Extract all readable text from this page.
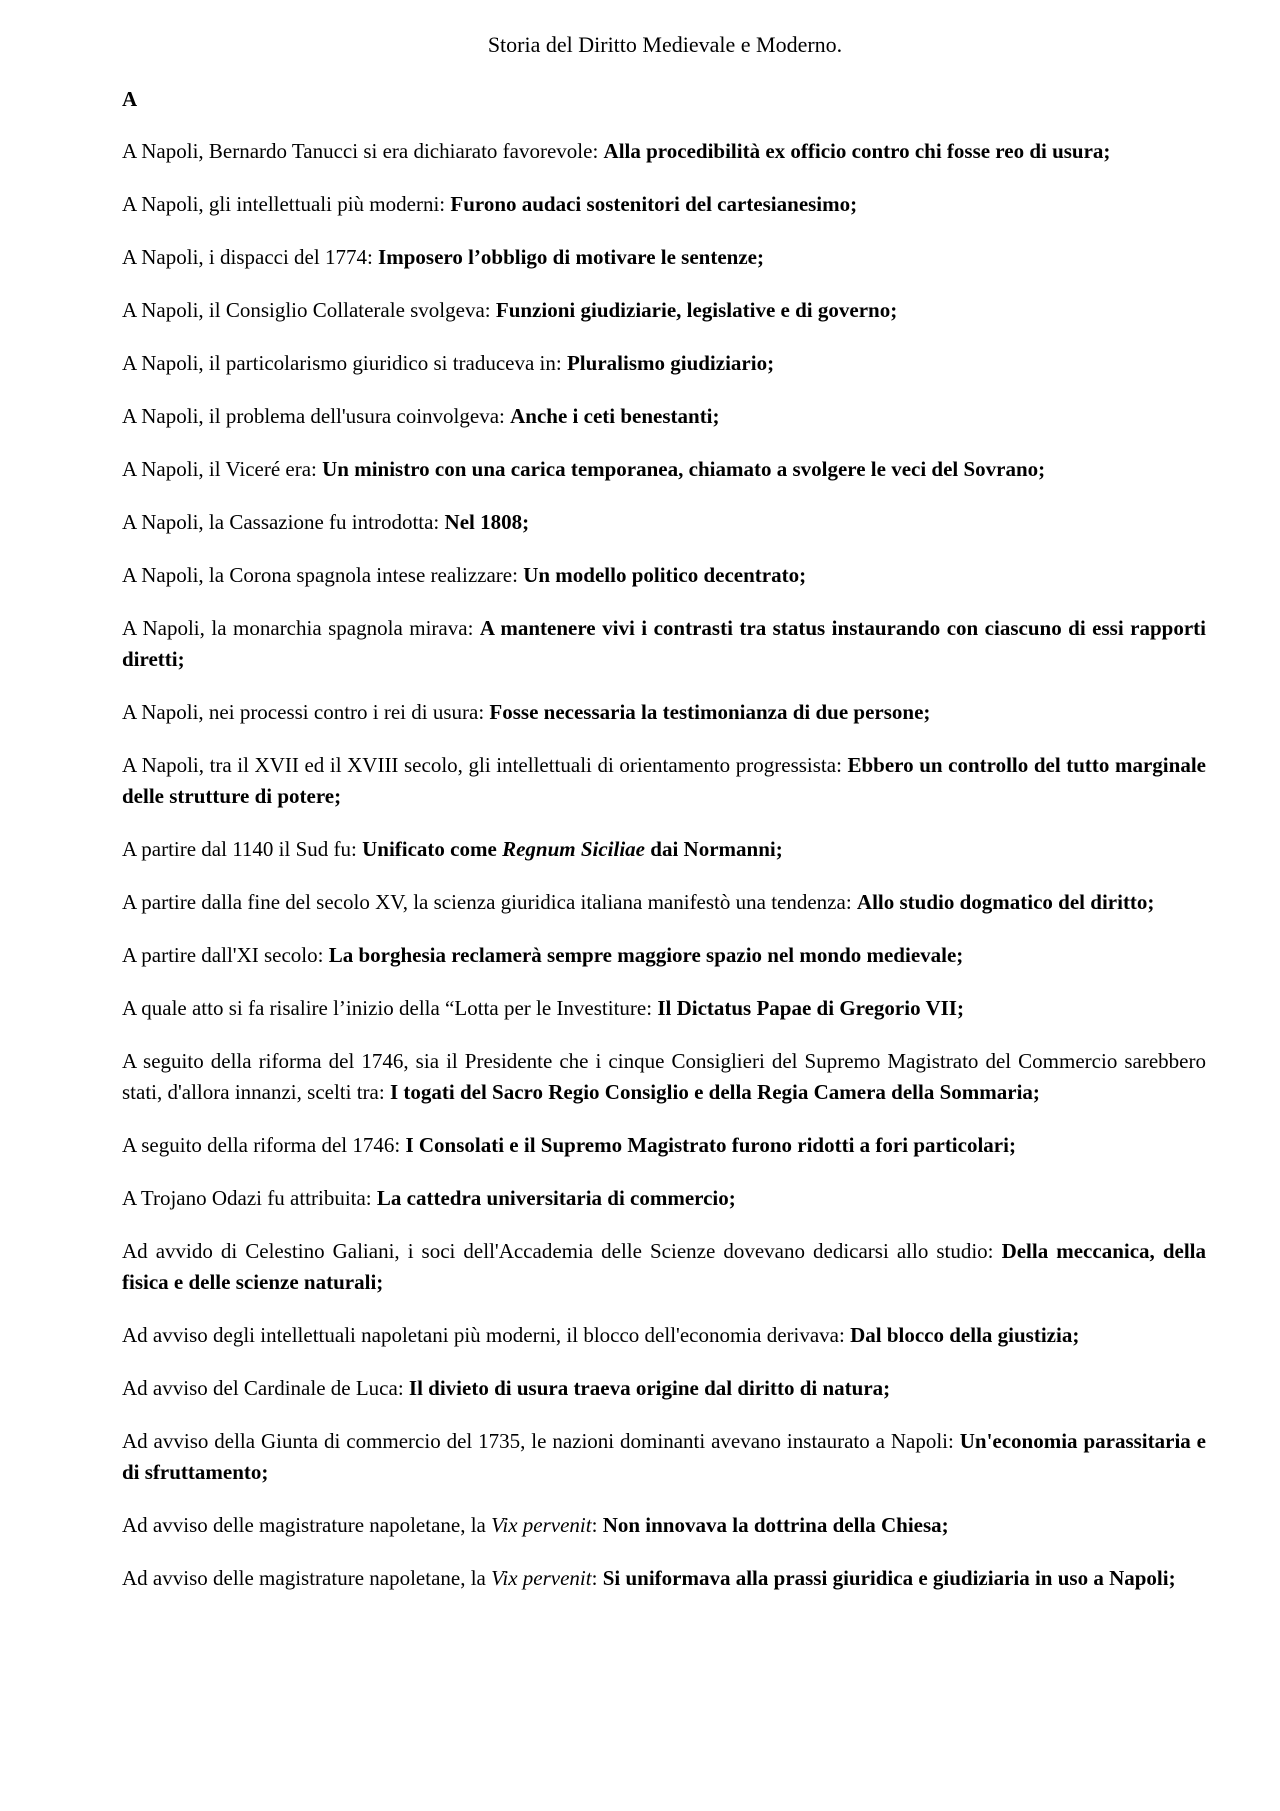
Storia del Diritto Medievale e Moderno.
A

A Napoli, Bernardo Tanucci si era dichiarato favorevole: Alla procedibilità ex officio contro chi fosse reo di usura;

A Napoli, gli intellettuali più moderni: Furono audaci sostenitori del cartesianesimo;

A Napoli, i dispacci del 1774: Imposero l’obbligo di motivare le sentenze;

A Napoli, il Consiglio Collaterale svolgeva: Funzioni giudiziarie, legislative e di governo;

A Napoli, il particolarismo giuridico si traduceva in: Pluralismo giudiziario;

A Napoli, il problema dell'usura coinvolgeva: Anche i ceti benestanti;

A Napoli, il Viceré era: Un ministro con una carica temporanea, chiamato a svolgere le veci del Sovrano;

A Napoli, la Cassazione fu introdotta: Nel 1808;

A Napoli, la Corona spagnola intese realizzare: Un modello politico decentrato;

A Napoli, la monarchia spagnola mirava: A mantenere vivi i contrasti tra status instaurando con ciascuno di essi rapporti diretti;

A Napoli, nei processi contro i rei di usura: Fosse necessaria la testimonianza di due persone;

A Napoli, tra il XVII ed il XVIII secolo, gli intellettuali di orientamento progressista: Ebbero un controllo del tutto marginale delle strutture di potere;

A partire dal 1140 il Sud fu: Unificato come Regnum Siciliae dai Normanni;

A partire dalla fine del secolo XV, la scienza giuridica italiana manifestò una tendenza: Allo studio dogmatico del diritto;

A partire dall'XI secolo: La borghesia reclamerà sempre maggiore spazio nel mondo medievale;

A quale atto si fa risalire l’inizio della “Lotta per le Investiture: Il Dictatus Papae di Gregorio VII;

A seguito della riforma del 1746, sia il Presidente che i cinque Consiglieri del Supremo Magistrato del Commercio sarebbero stati, d'allora innanzi, scelti tra: I togati del Sacro Regio Consiglio e della Regia Camera della Sommaria;

A seguito della riforma del 1746: I Consolati e il Supremo Magistrato furono ridotti a fori particolari;

A Trojano Odazi fu attribuita: La cattedra universitaria di commercio;

Ad avvido di Celestino Galiani, i soci dell'Accademia delle Scienze dovevano dedicarsi allo studio: Della meccanica, della fisica e delle scienze naturali;

Ad avviso degli intellettuali napoletani più moderni, il blocco dell'economia derivava: Dal blocco della giustizia;

Ad avviso del Cardinale de Luca: Il divieto di usura traeva origine dal diritto di natura;

Ad avviso della Giunta di commercio del 1735, le nazioni dominanti avevano instaurato a Napoli: Un'economia parassitaria e di sfruttamento;

Ad avviso delle magistrature napoletane, la Vix pervenit: Non innovava la dottrina della Chiesa;

Ad avviso delle magistrature napoletane, la Vix pervenit: Si uniformava alla prassi giuridica e giudiziaria in uso a Napoli;
